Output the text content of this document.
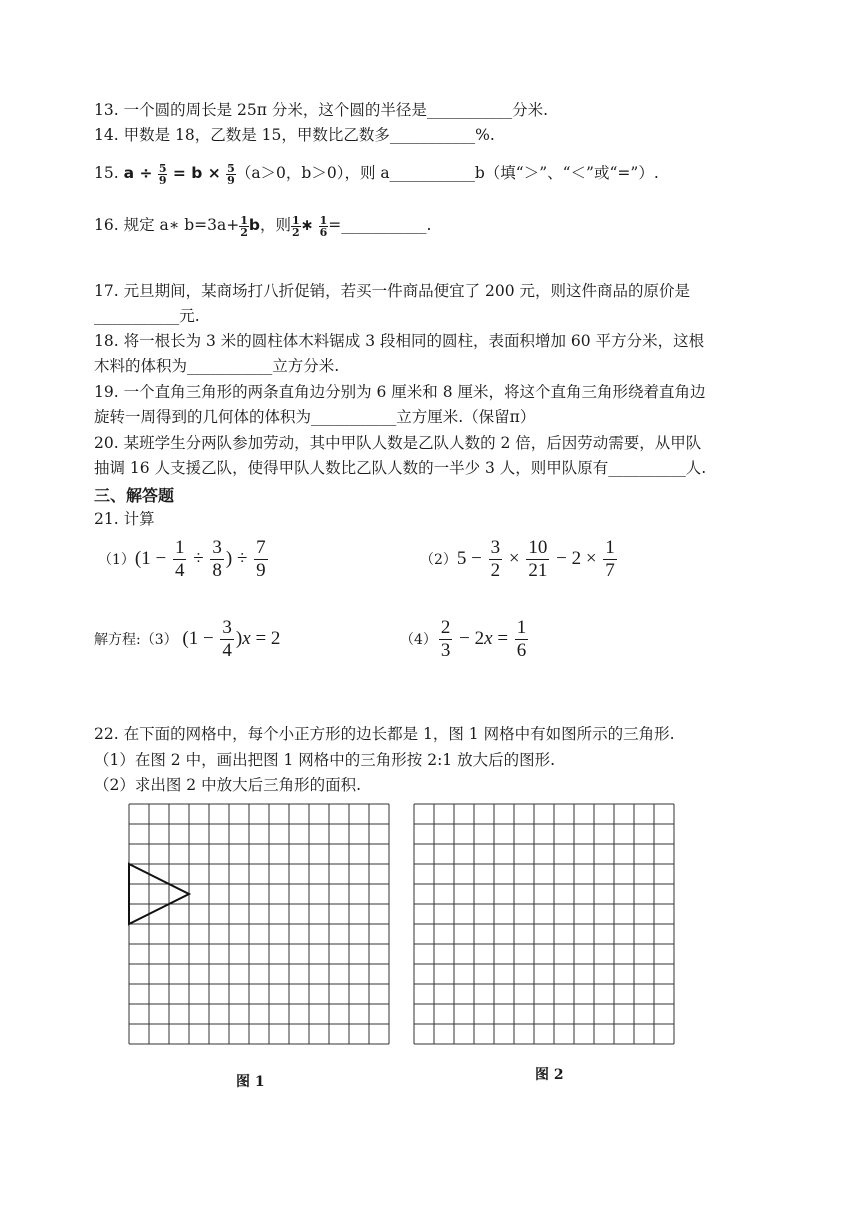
13. 一个圆的周长是 25π 分米，这个圆的半径是___________分米.
14. 甲数是 18，乙数是 15，甲数比乙数多___________%.
15. $a \div \frac{5}{9} = b \times \frac{5}{9} (a>0$，b＞0），则 a___________b（填“＞”、“＜”或“=”）.
16. 规定 a∗ $b=3a+ \frac{1}{2}$ b，则 $\frac{1}{2}$ ∗ $\frac{1}{6}$ =___________.
17. 元旦期间，某商场打八折促销，若买一件商品便宜了 200 元，则这件商品的原价是
___________元.
18. 将一根长为 3 米的圆柱体木料锯成 3 段相同的圆柱，表面积增加 60 平方分米，这根
木料的体积为___________立方分米.
19. 一个直角三角形的两条直角边分别为 6 厘米和 8 厘米，将这个直角三角形绕着直角边
旋转一周得到的几何体的体积为___________立方厘米.（保留π）
20. 某班学生分两队参加劳动，其中甲队人数是乙队人数的 2 倍，后因劳动需要，从甲队
抽调 16 人支援乙队，使得甲队人数比乙队人数的一半少 3 人，则甲队原有__________人.
三、解答题
21. 计算
$(1)(1 - \frac{1}{4} \div \frac{3}{8}$ ) ÷ $\frac{7}{9}$	$(2)5 - \frac{3}{2} \times \frac{10}{21} - 2 \times \frac{1}{7}$
解方程:（3） $(1 - \frac{3}{4} )x = 2$	$(4) \frac{2}{3} - 2x = \frac{1}{6}$
22. 在下面的网格中，每个小正方形的边长都是 1，图 1 网格中有如图所示的三角形.
（1）在图 2 中，画出把图 1 网格中的三角形按 2:1 放大后的图形.
（2）求出图 2 中放大后三角形的面积.
图 1	图 2
